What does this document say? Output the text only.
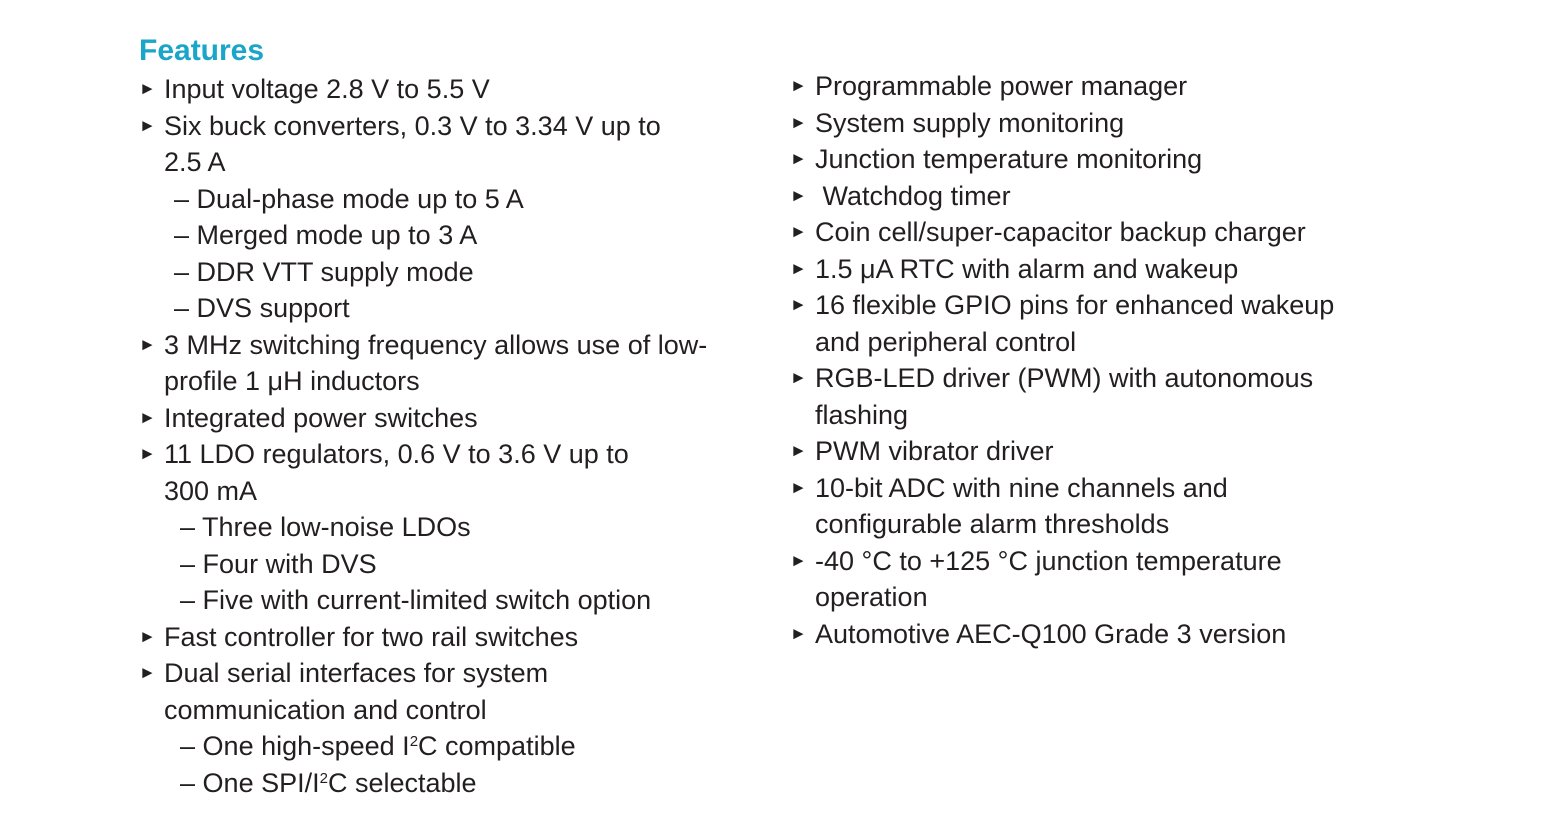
Features
► Input voltage 2.8 V to 5.5 V
► Six buck converters, 0.3 V to 3.34 V up to
2.5 A
– Dual-phase mode up to 5 A
– Merged mode up to 3 A
– DDR VTT supply mode
– DVS support
► 3 MHz switching frequency allows use of low-
profile 1 μH inductors
► Integrated power switches
► 11 LDO regulators, 0.6 V to 3.6 V up to
300 mA
– Three low-noise LDOs
– Four with DVS
– Five with current-limited switch option
► Fast controller for two rail switches
► Dual serial interfaces for system
communication and control
– One high-speed $I^2C$ compatible
– One SPI/$I^2C$ selectable
► Programmable power manager
► System supply monitoring
► Junction temperature monitoring
► Watchdog timer
► Coin cell/super-capacitor backup charger
► 1.5 μA RTC with alarm and wakeup
► 16 flexible GPIO pins for enhanced wakeup
and peripheral control
► RGB-LED driver (PWM) with autonomous
flashing
► PWM vibrator driver
► 10-bit ADC with nine channels and
configurable alarm thresholds
► -40 °C to +125 °C junction temperature
operation
► Automotive AEC-Q100 Grade 3 version
